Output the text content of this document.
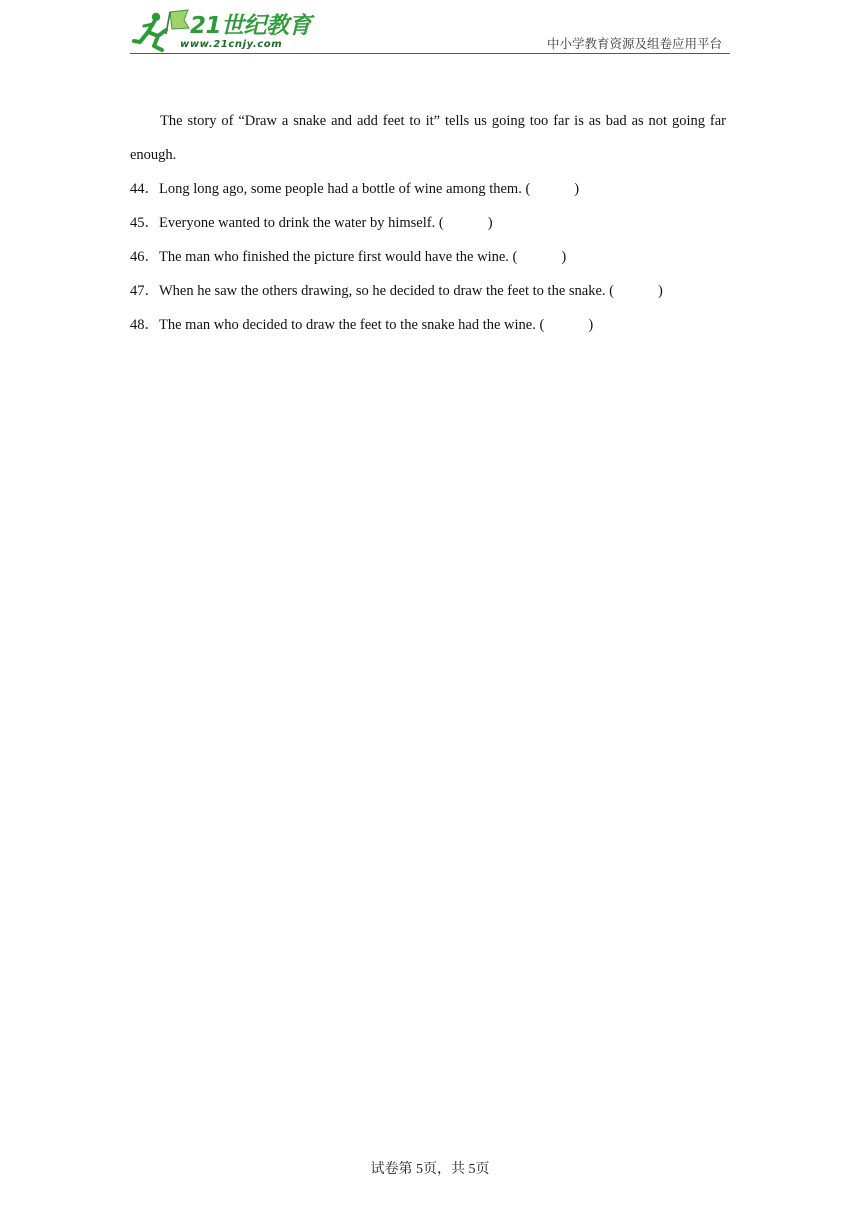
21世纪教育
www.21cnjy.com	中小学教育资源及组卷应用平台

The story of “Draw a snake and add feet to it” tells us going too far is as bad as not going far enough.

44．Long long ago, some people had a bottle of wine among them. (	)

45．Everyone wanted to drink the water by himself. (	)

46．The man who finished the picture first would have the wine. (	)

47．When he saw the others drawing, so he decided to draw the feet to the snake. (	)

48．The man who decided to draw the feet to the snake had the wine. (	)

试卷第 5页，共 5页
